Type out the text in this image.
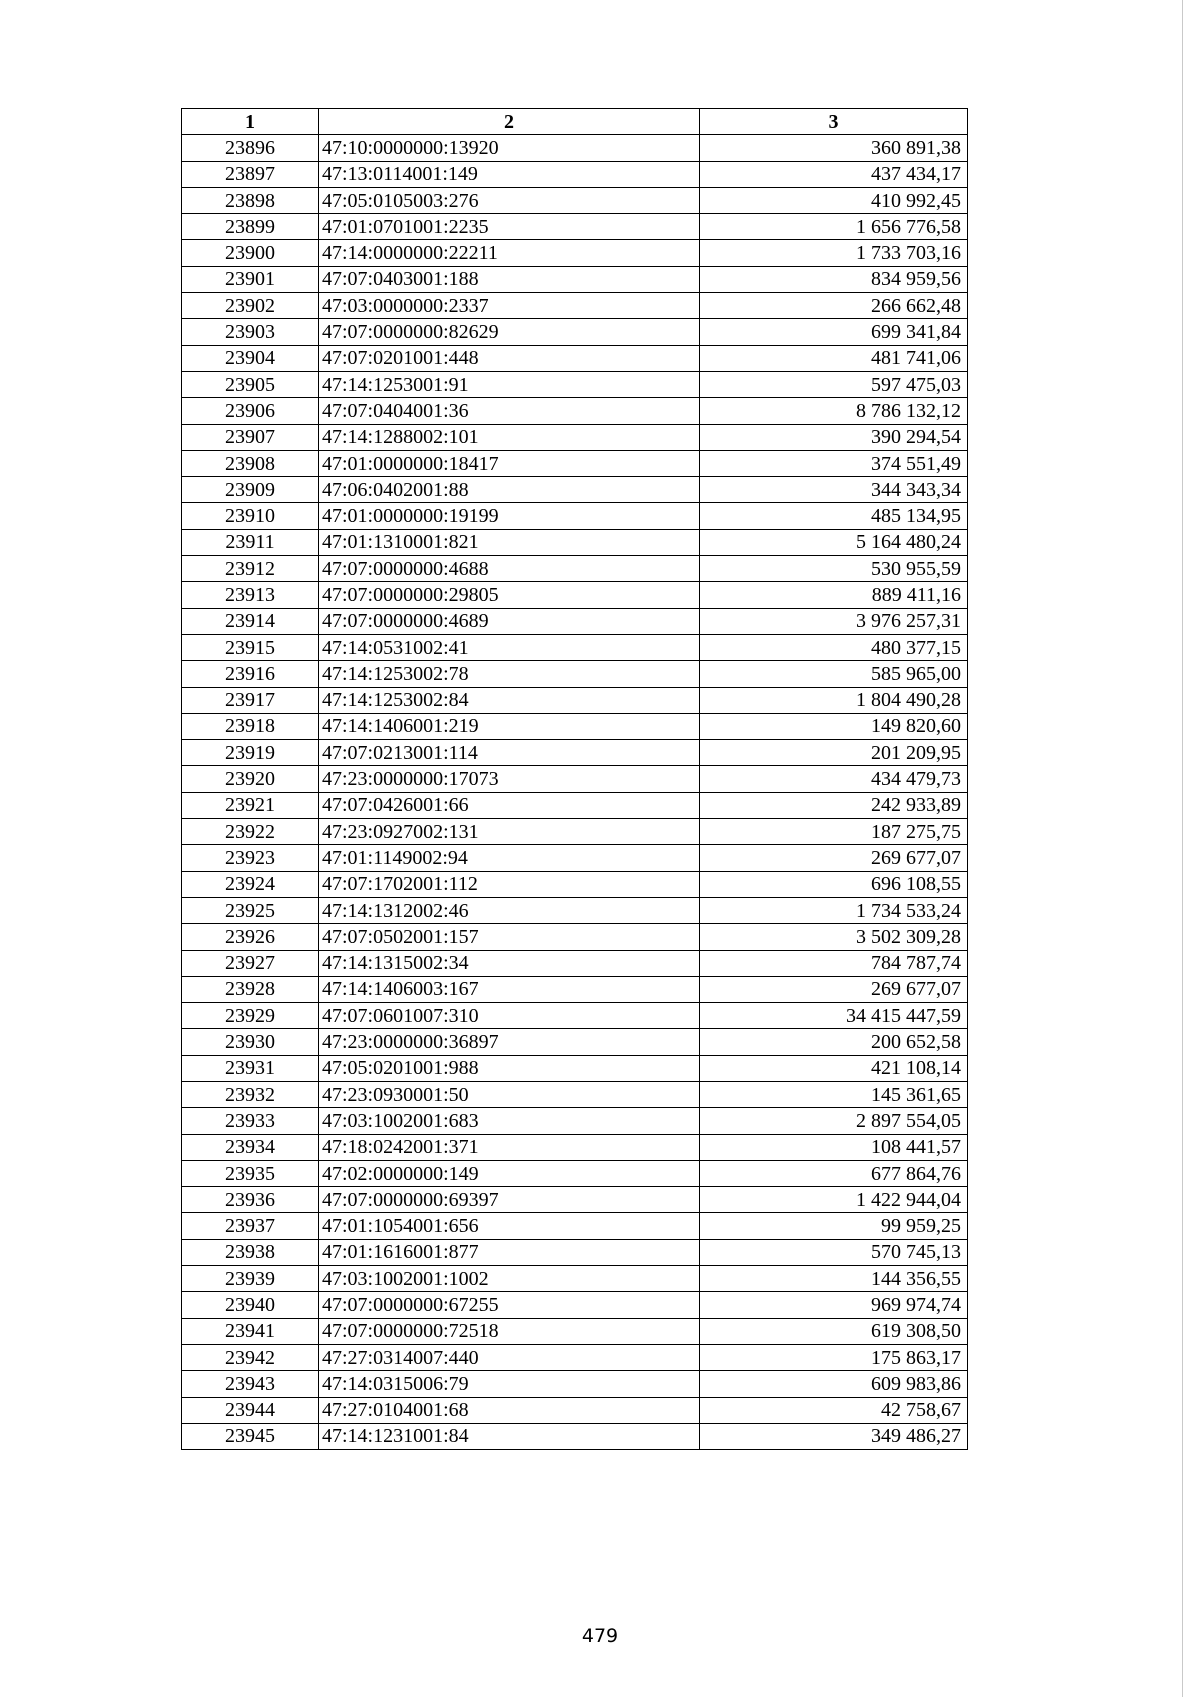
1	2	3
23896	47:10:0000000:13920	360 891,38
23897	47:13:0114001:149	437 434,17
23898	47:05:0105003:276	410 992,45
23899	47:01:0701001:2235	1 656 776,58
23900	47:14:0000000:22211	1 733 703,16
23901	47:07:0403001:188	834 959,56
23902	47:03:0000000:2337	266 662,48
23903	47:07:0000000:82629	699 341,84
23904	47:07:0201001:448	481 741,06
23905	47:14:1253001:91	597 475,03
23906	47:07:0404001:36	8 786 132,12
23907	47:14:1288002:101	390 294,54
23908	47:01:0000000:18417	374 551,49
23909	47:06:0402001:88	344 343,34
23910	47:01:0000000:19199	485 134,95
23911	47:01:1310001:821	5 164 480,24
23912	47:07:0000000:4688	530 955,59
23913	47:07:0000000:29805	889 411,16
23914	47:07:0000000:4689	3 976 257,31
23915	47:14:0531002:41	480 377,15
23916	47:14:1253002:78	585 965,00
23917	47:14:1253002:84	1 804 490,28
23918	47:14:1406001:219	149 820,60
23919	47:07:0213001:114	201 209,95
23920	47:23:0000000:17073	434 479,73
23921	47:07:0426001:66	242 933,89
23922	47:23:0927002:131	187 275,75
23923	47:01:1149002:94	269 677,07
23924	47:07:1702001:112	696 108,55
23925	47:14:1312002:46	1 734 533,24
23926	47:07:0502001:157	3 502 309,28
23927	47:14:1315002:34	784 787,74
23928	47:14:1406003:167	269 677,07
23929	47:07:0601007:310	34 415 447,59
23930	47:23:0000000:36897	200 652,58
23931	47:05:0201001:988	421 108,14
23932	47:23:0930001:50	145 361,65
23933	47:03:1002001:683	2 897 554,05
23934	47:18:0242001:371	108 441,57
23935	47:02:0000000:149	677 864,76
23936	47:07:0000000:69397	1 422 944,04
23937	47:01:1054001:656	99 959,25
23938	47:01:1616001:877	570 745,13
23939	47:03:1002001:1002	144 356,55
23940	47:07:0000000:67255	969 974,74
23941	47:07:0000000:72518	619 308,50
23942	47:27:0314007:440	175 863,17
23943	47:14:0315006:79	609 983,86
23944	47:27:0104001:68	42 758,67
23945	47:14:1231001:84	349 486,27
479
